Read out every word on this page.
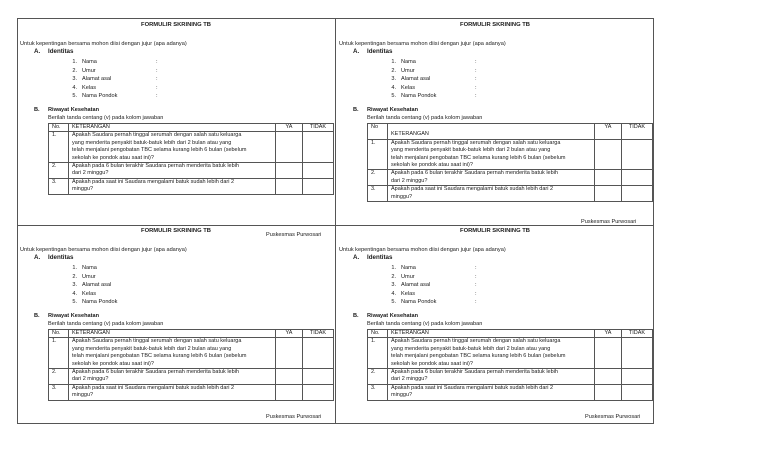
FORMULIR SKRINING TB
Untuk kepentingan bersama mohon diisi dengan jujur (apa adanya)
A. Identitas
1. Nama	:
2. Umur	:
3. Alamat asal	:
4. Kelas	:
5. Nama Pondok	:
B. Riwayat Kesehatan
Berilah tanda centang (v) pada kolom jawaban
No.	KETERANGAN	YA	TIDAK
1.	Apakah Saudara pernah tinggal serumah dengan salah satu keluarga
yang menderita penyakit batuk-batuk lebih dari 2 bulan atau yang
telah menjalani pengobatan TBC selama kurang lebih 6 bulan (sebelum
sekolah ke pondok atau saat ini)?		

2.	Apakah pada 6 bulan terakhir Saudara pernah menderita batuk lebih
dari 2 minggu?		

3.	Apakah pada saat ini Saudara mengalami batuk sudah lebih dari 2
minggu?		

Puskesmas Purwosari
FORMULIR SKRINING TB
Untuk kepentingan bersama mohon diisi dengan jujur (apa adanya)
A. Identitas
1. Nama	:
2. Umur	:
3. Alamat asal	:
4. Kelas	:
5. Nama Pondok	:
B. Riwayat Kesehatan
Berilah tanda centang (v) pada kolom jawaban
No	KETERANGAN	YA	TIDAK
1.	Apakah Saudara pernah tinggal serumah dengan salah satu keluarga
yang menderita penyakit batuk-batuk lebih dari 2 bulan atau yang
telah menjalani pengobatan TBC selama kurang lebih 6 bulan (sebelum
sekolah ke pondok atau saat ini)?		

2.	Apakah pada 6 bulan terakhir Saudara pernah menderita batuk lebih
dari 2 minggu?		

3.	Apakah pada saat ini Saudara mengalami batuk sudah lebih dari 2
minggu?		

Puskesmas Purwosari
FORMULIR SKRINING TB
Untuk kepentingan bersama mohon diisi dengan jujur (apa adanya)
A. Identitas
1. Nama
2. Umur
3. Alamat asal
4. Kelas
5. Nama Pondok
B. Riwayat Kesehatan
Berilah tanda centang (v) pada kolom jawaban
No.	KETERANGAN	YA	TIDAK
1.	Apakah Saudara pernah tinggal serumah dengan salah satu keluarga
yang menderita penyakit batuk-batuk lebih dari 2 bulan atau yang
telah menjalani pengobatan TBC selama kurang lebih 6 bulan (sebelum
sekolah ke pondok atau saat ini)?		

2.	Apakah pada 6 bulan terakhir Saudara pernah menderita batuk lebih
dari 2 minggu?		

3.	Apakah pada saat ini Saudara mengalami batuk sudah lebih dari 2
minggu?		

Puskesmas Purwosari
FORMULIR SKRINING TB
Untuk kepentingan bersama mohon diisi dengan jujur (apa adanya)
A. Identitas
1. Nama	:
2. Umur	:
3. Alamat asal	:
4. Kelas	:
5. Nama Pondok	:
B. Riwayat Kesehatan
Berilah tanda centang (v) pada kolom jawaban
No.	KETERANGAN	YA	TIDAK
1.	Apakah Saudara pernah tinggal serumah dengan salah satu keluarga
yang menderita penyakit batuk-batuk lebih dari 2 bulan atau yang
telah menjalani pengobatan TBC selama kurang lebih 6 bulan (sebelum
sekolah ke pondok atau saat ini)?		

2.	Apakah pada 6 bulan terakhir Saudara pernah menderita batuk lebih
dari 2 minggu?		

3.	Apakah pada saat ini Saudara mengalami batuk sudah lebih dari 2
minggu?		

Puskesmas Purwosari
